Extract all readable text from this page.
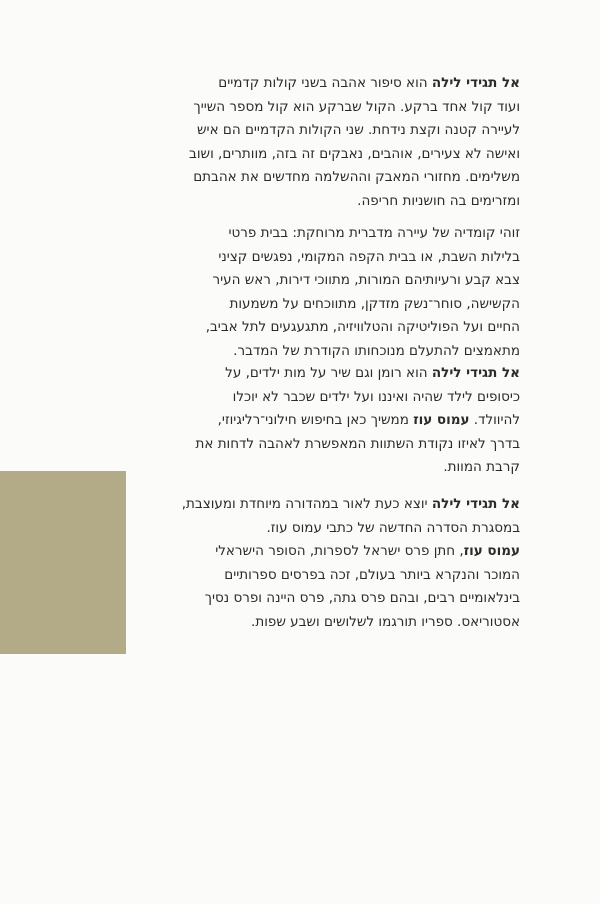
אל תגידי לילה הוא סיפור אהבה בשני קולות קדמיים
ועוד קול אחד ברקע. הקול שברקע הוא קול מספר השייך
לעיירה קטנה וקצת נידחת. שני הקולות הקדמיים הם איש
ואישה לא צעירים, אוהבים, נאבקים זה בזה, מוותרים, ושוב
משלימים. מחזורי המאבק וההשלמה מחדשים את אהבתם
ומזרימים בה חושניות חריפה.
זוהי קומדיה של עיירה מדברית מרוחקת: בבית פרטי
בלילות השבת, או בבית הקפה המקומי, נפגשים קציני
צבא קבע ורעיותיהם המורות, מתווכי דירות, ראש העיר
הקשישה, סוחר־נשק מזדקן, מתווכחים על משמעות
החיים ועל הפוליטיקה והטלוויזיה, מתגעגעים לתל אביב,
מתאמצים להתעלם מנוכחותו הקודרת של המדבר.
אל תגידי לילה הוא רומן וגם שיר על מות ילדים, על
כיסופים לילד שהיה ואיננו ועל ילדים שכבר לא יוכלו
להיוולד. עמוס עוז ממשיך כאן בחיפוש חילוני־רליגיוזי,
בדרך לאיזו נקודת השתוות המאפשרת לאהבה לדחות את
קרבת המוות.
אל תגידי לילה יוצא כעת לאור במהדורה מיוחדת ומעוצבת,
במסגרת הסדרה החדשה של כתבי עמוס עוז.
עמוס עוז, חתן פרס ישראל לספרות, הסופר הישראלי
המוכר והנקרא ביותר בעולם, זכה בפרסים ספרותיים
בינלאומיים רבים, ובהם פרס גתה, פרס היינה ופרס נסיך
אסטוריאס. ספריו תורגמו לשלושים ושבע שפות.
